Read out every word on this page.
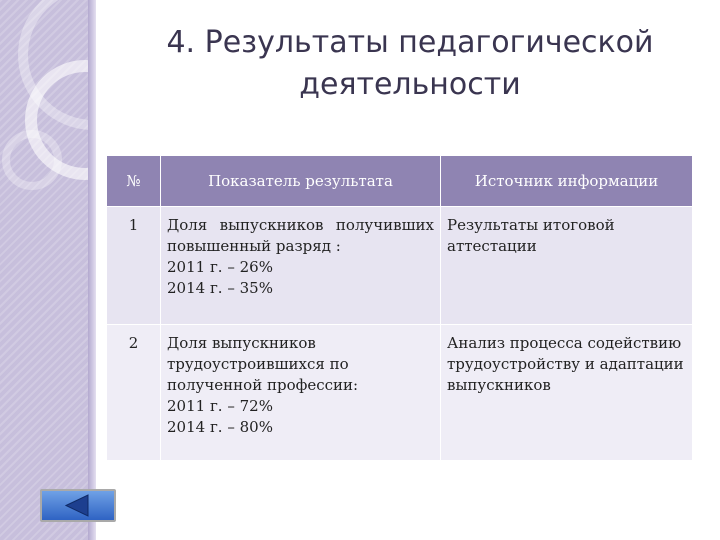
4. Результаты педагогической
деятельности
№	Показатель результата	Источник информации
1	Доля выпускников получивших
повышенный разряд :
2011 г. – 26%
2014 г. – 35%	Результаты итоговой
аттестации

2	Доля выпускников
трудоустроившихся по
полученной профессии:
2011 г. – 72%
2014 г. – 80%	Анализ процесса содействию
трудоустройству и адаптации
выпускников
